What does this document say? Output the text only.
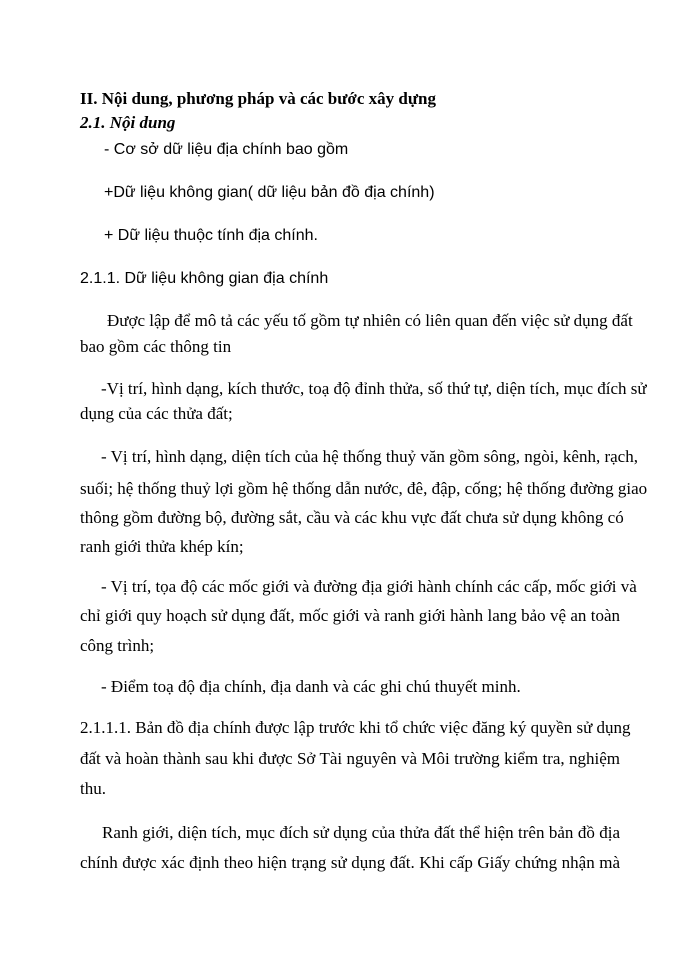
II. Nội dung, phương pháp và các bước xây dựng
2.1. Nội dung
- Cơ sở dữ liệu địa chính bao gồm
+Dữ liệu không gian( dữ liệu bản đồ địa chính)
+ Dữ liệu thuộc tính địa chính.
2.1.1. Dữ liệu không gian địa chính
Được lập để mô tả các yếu tố gồm tự nhiên có liên quan đến việc sử dụng đất
bao gồm các thông tin
-Vị trí, hình dạng, kích thước, toạ độ đỉnh thửa, số thứ tự, diện tích, mục đích sử
dụng của các thửa đất;
- Vị trí, hình dạng, diện tích của hệ thống thuỷ văn gồm sông, ngòi, kênh, rạch,
suối; hệ thống thuỷ lợi gồm hệ thống dẫn nước, đê, đập, cống; hệ thống đường giao
thông gồm đường bộ, đường sắt, cầu và các khu vực đất chưa sử dụng không có
ranh giới thửa khép kín;
- Vị trí, tọa độ các mốc giới và đường địa giới hành chính các cấp, mốc giới và
chỉ giới quy hoạch sử dụng đất, mốc giới và ranh giới hành lang bảo vệ an toàn
công trình;
- Điểm toạ độ địa chính, địa danh và các ghi chú thuyết minh.
2.1.1.1. Bản đồ địa chính được lập trước khi tổ chức việc đăng ký quyền sử dụng
đất và hoàn thành sau khi được Sở Tài nguyên và Môi trường kiểm tra, nghiệm
thu.
Ranh giới, diện tích, mục đích sử dụng của thửa đất thể hiện trên bản đồ địa
chính được xác định theo hiện trạng sử dụng đất. Khi cấp Giấy chứng nhận mà
